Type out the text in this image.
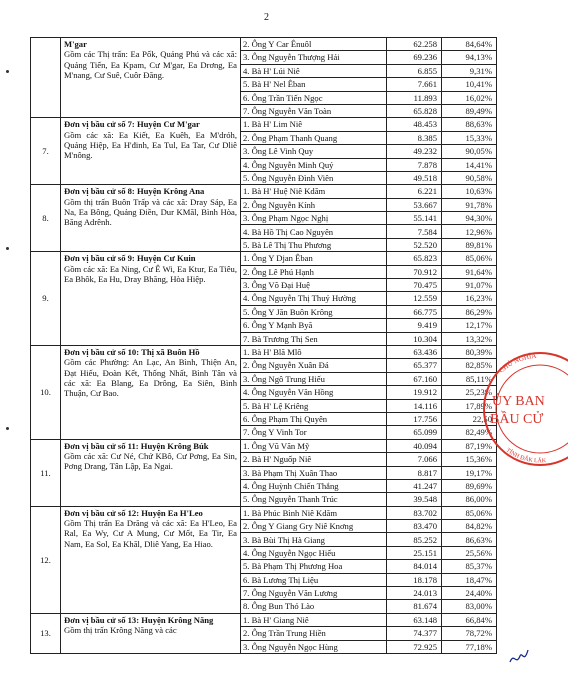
2

	M'gar
Gồm các Thị trấn: Ea Pốk, Quảng Phú và các xã: Quảng Tiến, Ea Kpam, Cư M'gar, Ea Drơng, Ea M'nang, Cư Suê, Cuôr Đăng.	2. Ông Y Car Ênuôl	62.258	84,64%
		3. Ông Nguyễn Thượng Hải	69.236	94,13%
		4. Bà H' Lúi Niê	6.855	9,31%
		5. Bà H' Nel Êban	7.661	10,41%
		6. Ông Trần Tiến Ngọc	11.893	16,02%
		7. Ông Nguyễn Văn Toàn	65.828	89,49%
7.	Đơn vị bầu cử số 7: Huyện Cư M'gar
Gồm các xã: Ea Kiết, Ea Kuêh, Ea M'dróh, Quảng Hiệp, Ea H'đinh, Ea Tul, Ea Tar, Cư Dliê M'nông.	1. Bà H' Lim Niê	48.453	88,63%
		2. Ông Phạm Thanh Quang	8.385	15,33%
		3. Ông Lê Vinh Quy	49.232	90,05%
		4. Ông Nguyễn Minh Quý	7.878	14,41%
		5. Ông Nguyễn Đình Viên	49.518	90,58%
8.	Đơn vị bầu cử số 8: Huyện Krông Ana
Gồm thị trấn Buôn Trấp và các xã: Dray Sáp, Ea Na, Ea Bông, Quảng Điền, Dur KMăl, Bình Hòa, Băng Adrênh.	1. Bà H' Huệ Niê Kdăm	6.221	10,63%
		2. Ông Nguyễn Kính	53.667	91,78%
		3. Ông Phạm Ngọc Nghị	55.141	94,30%
		4. Bà Hồ Thị Cao Nguyên	7.584	12,96%
		5. Bà Lê Thị Thu Phương	52.520	89,81%
9.	Đơn vị bầu cử số 9: Huyện Cư Kuin
Gồm các xã: Ea Ning, Cư Ê Wi, Ea Ktur, Ea Tiêu, Ea Bhôk, Ea Hu, Dray Bhăng, Hòa Hiệp.	1. Ông Y Djan Êban	65.823	85,06%
		2. Ông Lê Phú Hạnh	70.912	91,64%
		3. Ông Võ Đại Huệ	70.475	91,07%
		4. Ông Nguyễn Thị Thuý Hường	12.559	16,23%
		5. Ông Y Jăn Buôn Krông	66.775	86,29%
		6. Ông Y Mạnh Byă	9.419	12,17%
		7. Bà Trương Thị Sen	10.304	13,32%
10.	Đơn vị bầu cử số 10: Thị xã Buôn Hồ
Gồm các Phường: An Lạc, An Bình, Thiện An, Đạt Hiếu, Đoàn Kết, Thống Nhất, Bình Tân và các xã: Ea Blang, Ea Drông, Ea Siên, Bình Thuận, Cư Bao.	1. Bà H' Blă Mlô	63.436	80,39%
		2. Ông Nguyễn Xuân Đá	65.377	82,85%
		3. Ông Ngô Trung Hiếu	67.160	85,11%
		4. Ông Nguyễn Văn Hồng	19.912	25,23%
		5. Bà H' Lệ Kriêng	14.116	17,89%
		6. Ông Phạm Thị Quyên	17.756	22,50
		7. Ông Y Vinh Tor	65.099	82,49%
11.	Đơn vị bầu cử số 11: Huyện Krông Búk
Gồm các xã: Cư Né, Chứ KBô, Cư Pơng, Ea Sin, Pơng Drang, Tân Lập, Ea Ngai.	1. Ông Vũ Văn Mỹ	40.094	87,19%
		2. Bà H' Nguốp Niê	7.066	15,36%
		3. Bà Phạm Thị Xuân Thao	8.817	19,17%
		4. Ông Huỳnh Chiến Thắng	41.247	89,69%
		5. Ông Nguyễn Thanh Trúc	39.548	86,00%
12.	Đơn vị bầu cử số 12: Huyện Ea H'Leo
Gồm Thị trấn Ea Drăng và các xã: Ea H'Leo, Ea Ral, Ea Wy, Cư A Mung, Cư Mốt, Ea Tir, Ea Nam, Ea Sol, Ea Khăl, Dliê Yang, Ea Hiao.	1. Bà Phúc Bình Niê Kdăm	83.702	85,06%
		2. Ông Y Giang Gry Niê Knơng	83.470	84,82%
		3. Bà Bùi Thị Hà Giang	85.252	86,63%
		4. Ông Nguyễn Ngọc Hiếu	25.151	25,56%
		5. Bà Phạm Thị Phương Hoa	84.014	85,37%
		6. Bà Lương Thị Liệu	18.178	18,47%
		7. Ông Nguyễn Văn Lương	24.013	24,40%
		8. Ông Bun Thó Lào	81.674	83,00%
13.	Đơn vị bầu cử số 13: Huyện Krông Năng
Gồm thị trấn Krông Năng và các	1. Bà H' Giang Niê	63.148	66,84%
		2. Ông Trần Trung Hiền	74.377	78,72%
		3. Ông Nguyễn Ngọc Hùng	72.925	77,18%
CHỦ NGHĨA
TỈNH ĐẮK LẮK
ỦY BAN
BẦU CỬ
